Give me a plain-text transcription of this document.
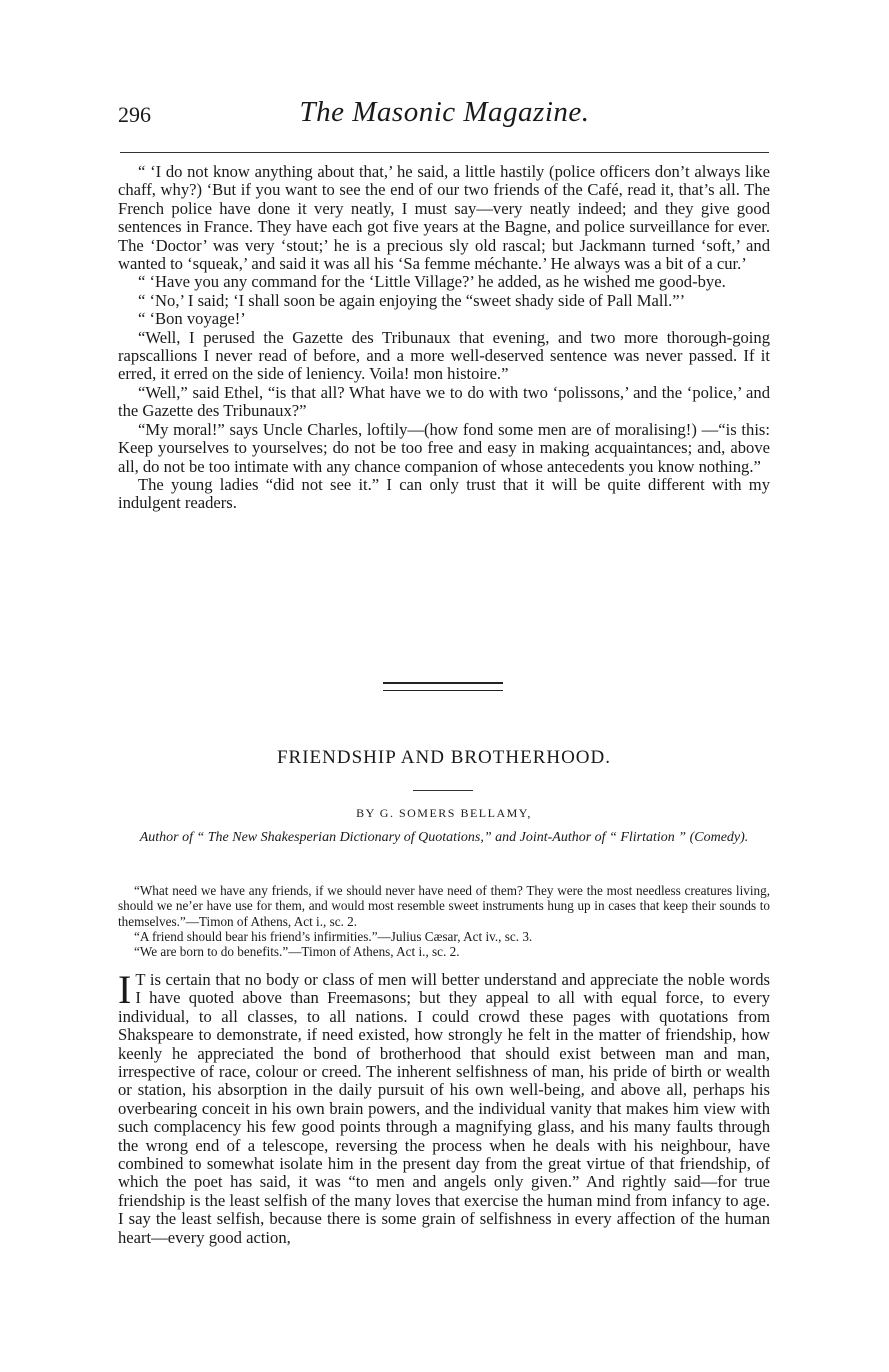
296	The Masonic Magazine.

“ ‘I do not know anything about that,’ he said, a little hastily (police officers don’t always like chaff, why?) ‘But if you want to see the end of our two friends of the Café, read it, that’s all. The French police have done it very neatly, I must say—very neatly indeed; and they give good sentences in France. They have each got five years at the Bagne, and police surveillance for ever. The ‘Doctor’ was very ‘stout;’ he is a precious sly old rascal; but Jackmann turned ‘soft,’ and wanted to ‘squeak,’ and said it was all his ‘Sa femme méchante.’ He always was a bit of a cur.’

“ ‘Have you any command for the ‘Little Village?’ he added, as he wished me good-bye.

“ ‘No,’ I said; ‘I shall soon be again enjoying the “sweet shady side of Pall Mall.”’

“ ‘Bon voyage!’

“Well, I perused the Gazette des Tribunaux that evening, and two more thorough-going rapscallions I never read of before, and a more well-deserved sentence was never passed. If it erred, it erred on the side of leniency. Voila! mon histoire.”

“Well,” said Ethel, “is that all? What have we to do with two ‘polissons,’ and the ‘police,’ and the Gazette des Tribunaux?”

“My moral!” says Uncle Charles, loftily—(how fond some men are of moralising!) —“is this: Keep yourselves to yourselves; do not be too free and easy in making acquaintances; and, above all, do not be too intimate with any chance companion of whose antecedents you know nothing.”

The young ladies “did not see it.” I can only trust that it will be quite different with my indulgent readers.

FRIENDSHIP AND BROTHERHOOD.
BY G. SOMERS BELLAMY,
Author of “ The New Shakesperian Dictionary of Quotations,” and Joint-Author of “ Flirtation ” (Comedy).

“What need we have any friends, if we should never have need of them? They were the most needless creatures living, should we ne’er have use for them, and would most resemble sweet instruments hung up in cases that keep their sounds to themselves.”—Timon of Athens, Act i., sc. 2.

“A friend should bear his friend’s infirmities.”—Julius Cæsar, Act iv., sc. 3.

“We are born to do benefits.”—Timon of Athens, Act i., sc. 2.

I T is certain that no body or class of men will better understand and appreciate the noble words I have quoted above than Freemasons; but they appeal to all with equal force, to every individual, to all classes, to all nations. I could crowd these pages with quotations from Shakspeare to demonstrate, if need existed, how strongly he felt in the matter of friendship, how keenly he appreciated the bond of brotherhood that should exist between man and man, irrespective of race, colour or creed. The inherent selfishness of man, his pride of birth or wealth or station, his absorption in the daily pursuit of his own well-being, and above all, perhaps his overbearing conceit in his own brain powers, and the individual vanity that makes him view with such complacency his few good points through a magnifying glass, and his many faults through the wrong end of a telescope, reversing the process when he deals with his neighbour, have combined to somewhat isolate him in the present day from the great virtue of that friendship, of which the poet has said, it was “to men and angels only given.” And rightly said—for true friendship is the least selfish of the many loves that exercise the human mind from infancy to age. I say the least selfish, because there is some grain of selfishness in every affection of the human heart—every good action,
